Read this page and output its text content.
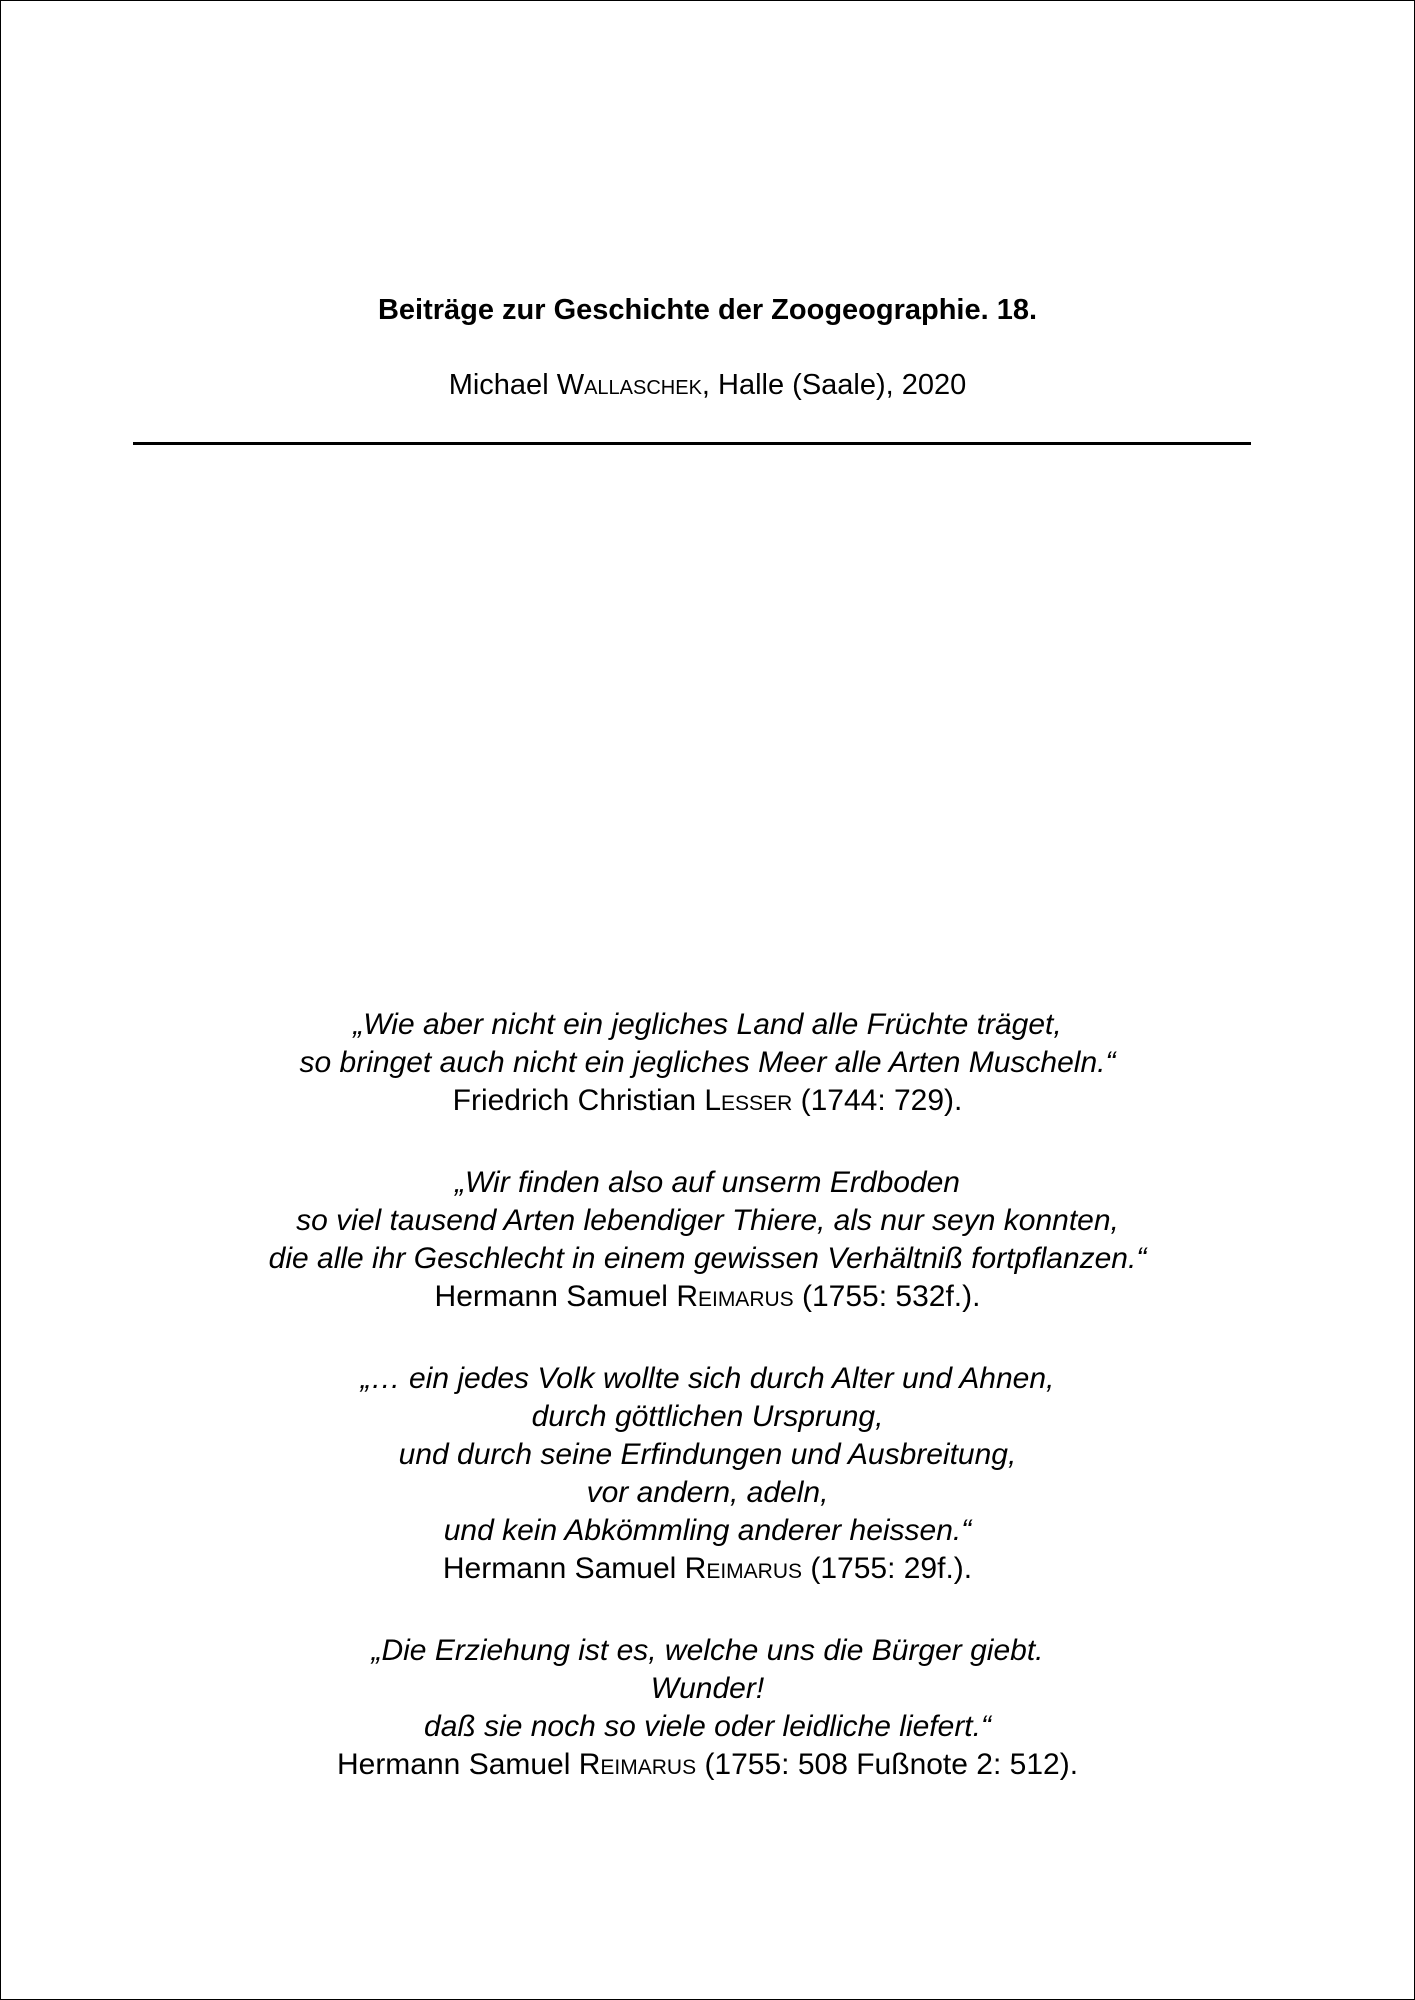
Beiträge zur Geschichte der Zoogeographie. 18.
Michael Wallaschek, Halle (Saale), 2020
„Wie aber nicht ein jegliches Land alle Früchte träget,
so bringet auch nicht ein jegliches Meer alle Arten Muscheln.“
Friedrich Christian Lesser (1744: 729).
„Wir finden also auf unserm Erdboden
so viel tausend Arten lebendiger Thiere, als nur seyn konnten,
die alle ihr Geschlecht in einem gewissen Verhältniß fortpflanzen.“
Hermann Samuel Reimarus (1755: 532f.).
„… ein jedes Volk wollte sich durch Alter und Ahnen,
durch göttlichen Ursprung,
und durch seine Erfindungen und Ausbreitung,
vor andern, adeln,
und kein Abkömmling anderer heissen.“
Hermann Samuel Reimarus (1755: 29f.).
„Die Erziehung ist es, welche uns die Bürger giebt.
Wunder!
daß sie noch so viele oder leidliche liefert.“
Hermann Samuel Reimarus (1755: 508 Fußnote 2: 512).
